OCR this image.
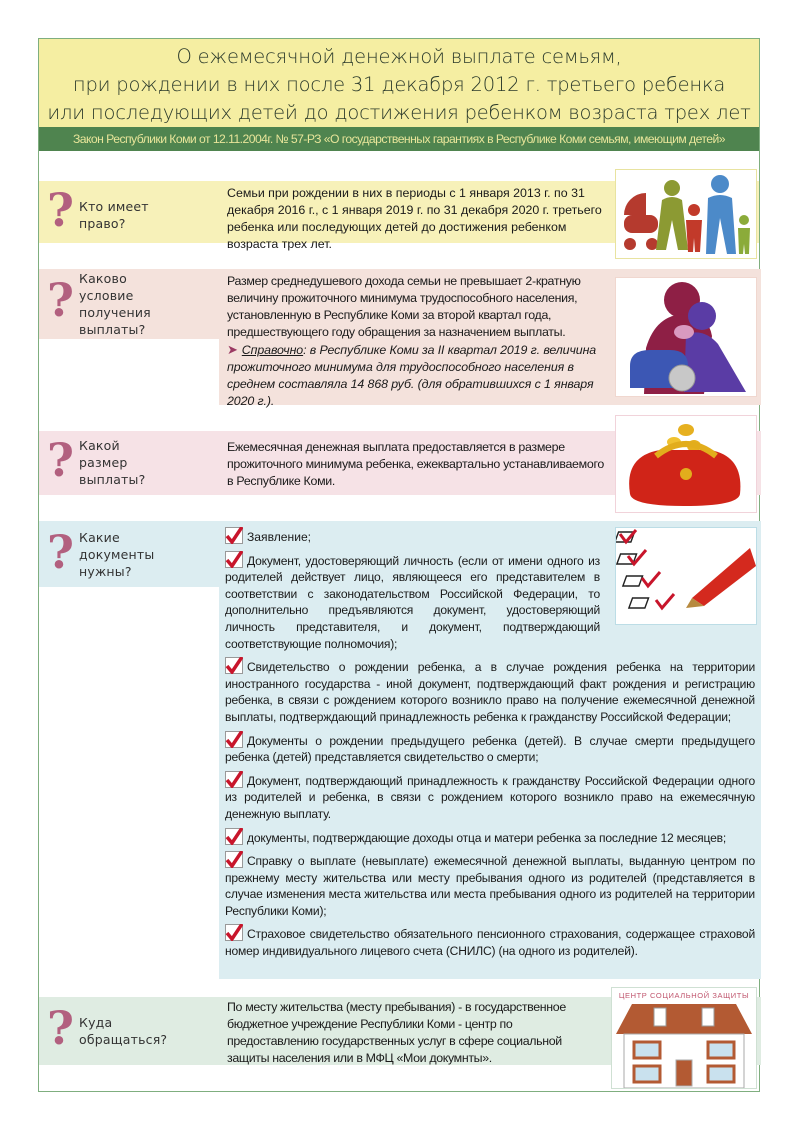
О ежемесячной денежной выплате семьям,
при рождении в них после 31 декабря 2012 г. третьего ребенка
или последующих детей до достижения ребенком возраста трех лет
Закон Республики Коми от 12.11.2004г. № 57-РЗ «О государственных гарантиях в Республике Коми семьям, имеющим детей»
? Кто имеет
право?

Семьи при рождении в них в периоды с 1 января 2013 г. по 31 декабря 2016 г., с 1 января 2019 г. по 31 декабря 2020 г. третьего ребенка или последующих детей до достижения ребенком возраста трех лет.

? Каково
условие
получения
выплаты?

Размер среднедушевого дохода семьи не превышает 2-кратную величину прожиточного минимума трудоспособного населения, установленную в Республике Коми за второй квартал года, предшествующего году обращения за назначением выплаты.

➤ Справочно: в Республике Коми за II квартал 2019 г. величина прожиточного минимума для трудоспособного населения в среднем составляла 14 868 руб. (для обратившихся с 1 января 2020 г.).

? Какой
размер
выплаты?

Ежемесячная денежная выплата предоставляется в размере прожиточного минимума ребенка, ежеквартально устанавливаемого в Республике Коми.

? Какие
документы
нужны?
Заявление;
Документ, удостоверяющий личность (если от имени одного из родителей действует лицо, являющееся его представителем в соответствии с законодательством Российской Федерации, то дополнительно предъявляются документ, удостоверяющий личность представителя, и документ, подтверждающий соответствующие полномочия);
Свидетельство о рождении ребенка, а в случае рождения ребенка на территории иностранного государства - иной документ, подтверждающий факт рождения и регистрацию ребенка, в связи с рождением которого возникло право на получение ежемесячной денежной выплаты, подтверждающий принадлежность ребенка к гражданству Российской Федерации;
Документы о рождении предыдущего ребенка (детей). В случае смерти предыдущего ребенка (детей) представляется свидетельство о смерти;
Документ, подтверждающий принадлежность к гражданству Российской Федерации одного из родителей и ребенка, в связи с рождением которого возникло право на ежемесячную денежную выплату.
документы, подтверждающие доходы отца и матери ребенка за последние 12 месяцев;
Справку о выплате (невыплате) ежемесячной денежной выплаты, выданную центром по прежнему месту жительства или месту пребывания одного из родителей (представляется в случае изменения места жительства или места пребывания одного из родителей на территории Республики Коми);
Страховое свидетельство обязательного пенсионного страхования, содержащее страховой номер индивидуального лицевого счета (СНИЛС) (на одного из родителей).
? Куда
обращаться?

По месту жительства (месту пребывания) - в государственное бюджетное учреждение Республики Коми - центр по предоставлению государственных услуг в сфере социальной защиты населения или в МФЦ «Мои докумнты».

ЦЕНТР СОЦИАЛЬНОЙ ЗАЩИТЫ
